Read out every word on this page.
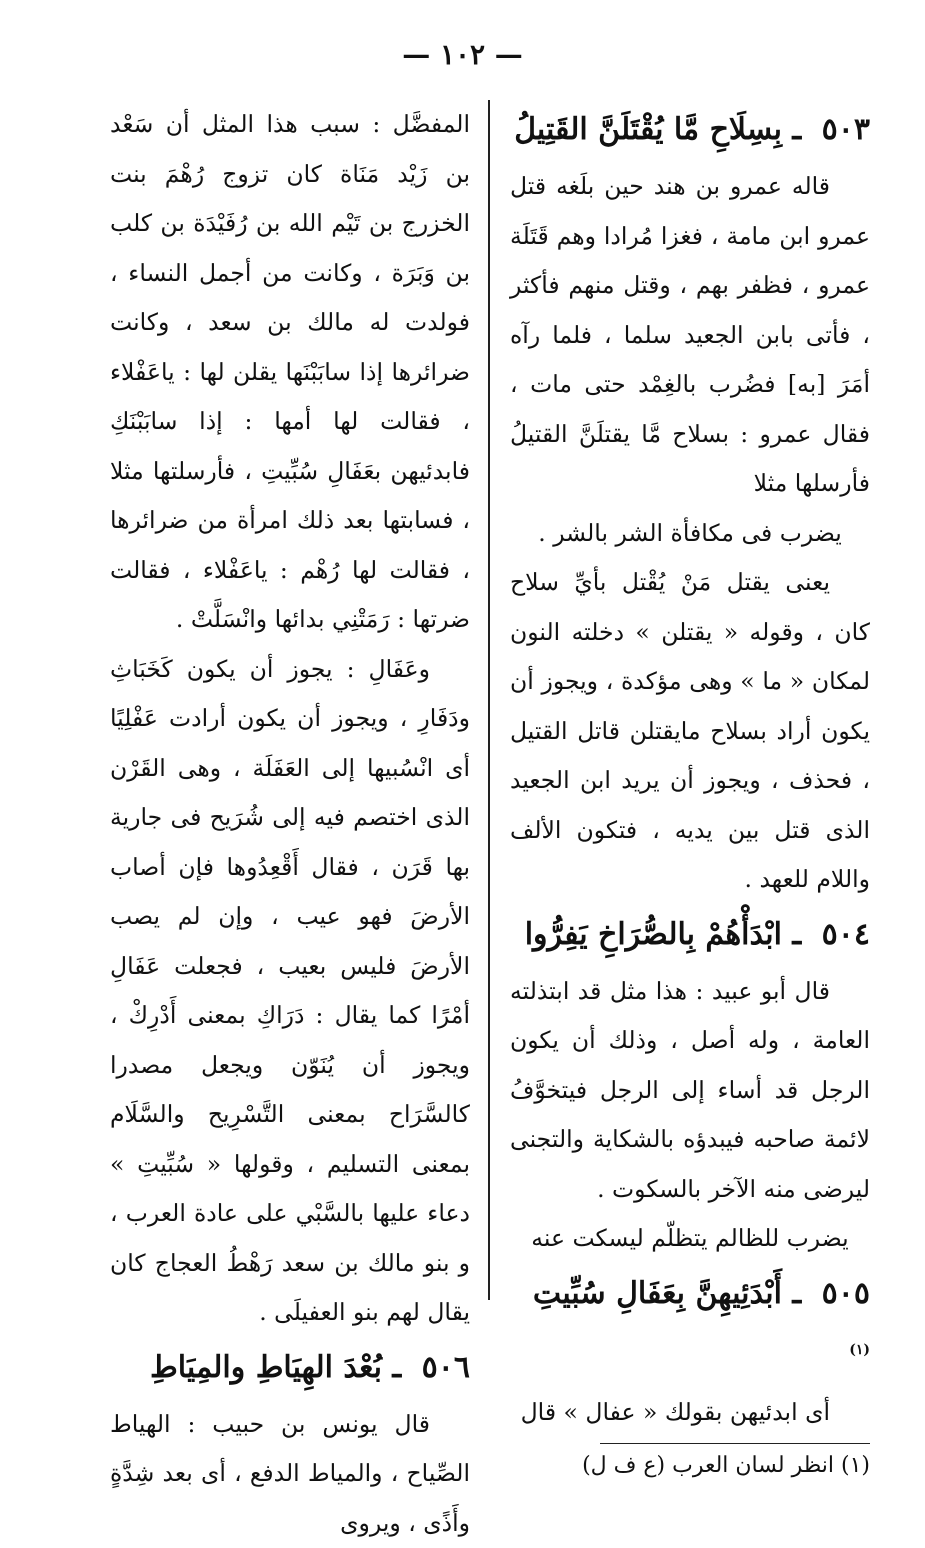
— ١٠٢ —
٥٠٣ ـ بِسِلَاحِ مَّا يُقْتَلَنَّ القَتِيلُ

قاله عمرو بن هند حين بلَغه قتل عمرو ابن مامة ، فغزا مُرادا وهم قَتَلَة عمرو ، فظفر بهم ، وقتل منهم فأكثر ، فأتى بابن الجعيد سلما ، فلما رآه أمَرَ [به] فضُرب بالغِمْد حتى مات ، فقال عمرو : بسلاح مَّا يقتلَنَّ القتيلُ فأرسلها مثلا

يضرب فى مكافأة الشر بالشر .

يعنى يقتل مَنْ يُقْتل بأيِّ سلاح كان ، وقوله « يقتلن » دخلته النون لمكان « ما » وهى مؤكدة ، ويجوز أن يكون أراد بسلاح مايقتلن قاتل القتيل ، فحذف ، ويجوز أن يريد ابن الجعيد الذى قتل بين يديه ، فتكون الألف واللام للعهد .

٥٠٤ ـ ابْدَأْهُمْ بِالصُّرَاخِ يَفِرُّوا

قال أبو عبيد : هذا مثل قد ابتذلته العامة ، وله أصل ، وذلك أن يكون الرجل قد أساء إلى الرجل فيتخوَّفُ لائمة صاحبه فيبدؤه بالشكاية والتجنى ليرضى منه الآخر بالسكوت .

يضرب للظالم يتظلّم ليسكت عنه

٥٠٥ ـ أَبْدَئِيهِنَّ بِعَفَالِ سُبِّيتِ $^{(١)}$

أى ابدئيهن بقولك « عفال » قال

(١) انظر لسان العرب (ع ف ل)

المفضَّل : سبب هذا المثل أن سَعْد بن زَيْد مَنَاة كان تزوج رُهْمَ بنت الخزرج بن تَيْم الله بن رُفَيْدَة بن كلب بن وَبَرَة ، وكانت من أجمل النساء ، فولدت له مالك بن سعد ، وكانت ضرائرها إذا سابَبْنَها يقلن لها : ياعَفْلاء ، فقالت لها أمها : إذا سابَبْنَكِ فابدئيهن بعَفَالِ سُبِّيتِ ، فأرسلتها مثلا ، فسابتها بعد ذلك امرأة من ضرائرها ، فقالت لها رُهْم : ياعَفْلاء ، فقالت ضرتها : رَمَتْنِي بدائها وانْسَلَّتْ .

وعَفَالِ : يجوز أن يكون كَخَبَاثِ ودَفَارِ ، ويجوز أن يكون أرادت عَفْلِيًا أى انْسُبيها إلى العَفَلَة ، وهى القَرْن الذى اختصم فيه إلى شُرَيح فى جارية بها قَرَن ، فقال أَقْعِدُوها فإن أصاب الأرضَ فهو عيب ، وإن لم يصب الأرضَ فليس بعيب ، فجعلت عَفَالِ أمْرًا كما يقال : دَرَاكِ بمعنى أَدْرِكْ ، ويجوز أن يُنَوّن ويجعل مصدرا كالسَّرَاح بمعنى التَّسْرِيح والسَّلَام بمعنى التسليم ، وقولها « سُبِّيتِ » دعاء عليها بالسَّبْي على عادة العرب ، و بنو مالك بن سعد رَهْطُ العجاج كان يقال لهم بنو العفيلَى .

٥٠٦ ـ بُعْدَ الهِيَاطِ والمِيَاطِ

قال يونس بن حبيب : الهياط الصِّياح ، والمياط الدفع ، أى بعد شِدَّةٍ وأَذًى ، ويروى
